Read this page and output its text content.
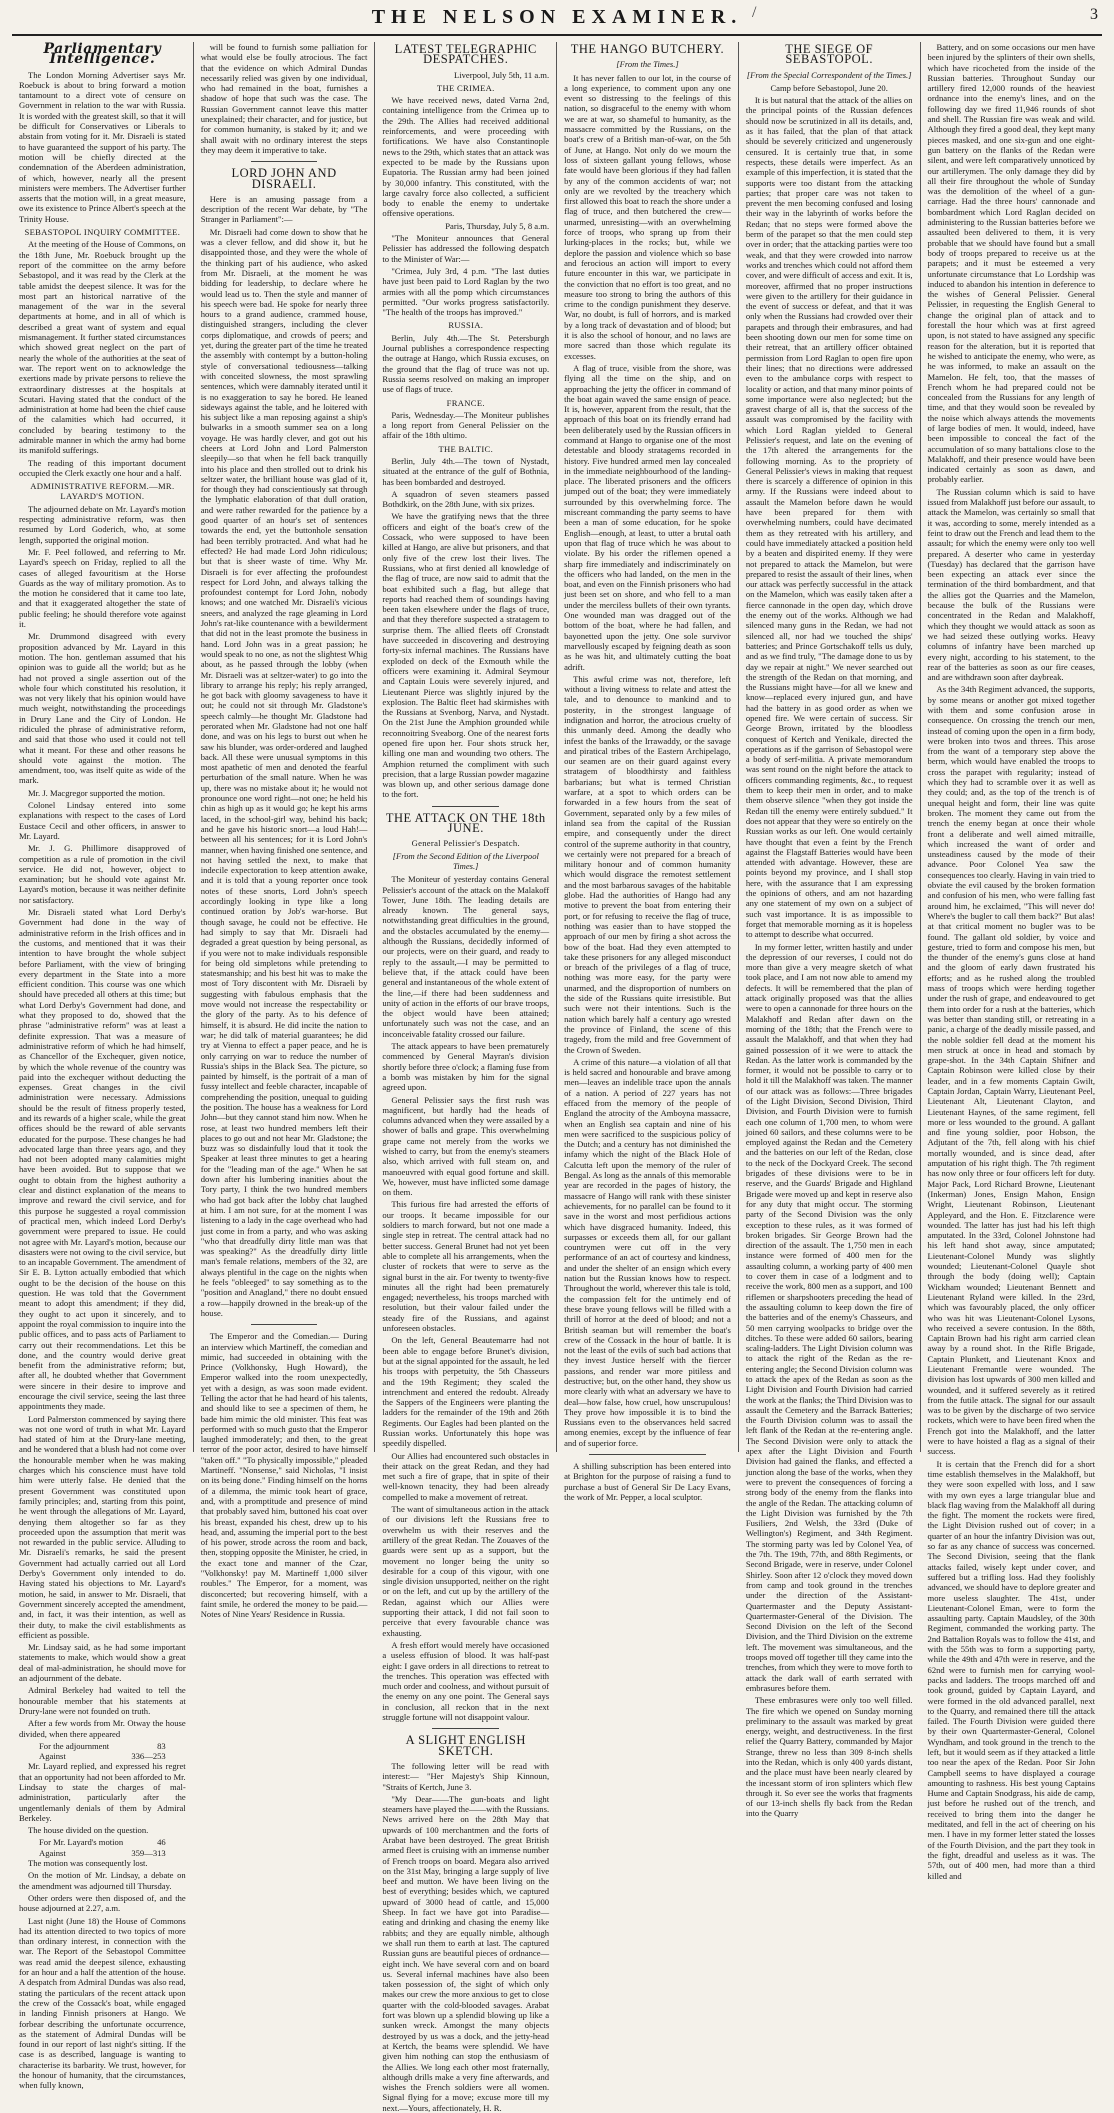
/
THE NELSON EXAMINER.	3
Parliamentary Intelligence.

The London Morning Advertiser says Mr. Roebuck is about to bring forward a motion tantamount to a direct vote of censure on Government in relation to the war with Russia. It is worded with the greatest skill, so that it will be difficult for Conservatives or Liberals to abstain from voting for it. Mr. Disraeli is stated to have guaranteed the support of his party. The motion will be chiefly directed at the condemnation of the Aberdeen administration, of which, however, nearly all the present ministers were members. The Advertiser further asserts that the motion will, in a great measure, owe its existence to Prince Albert's speech at the Trinity House.

SEBASTOPOL INQUIRY COMMITTEE.

At the meeting of the House of Commons, on the 18th June, Mr. Roebuck brought up the report of the committee on the army before Sebastopol, and it was read by the Clerk at the table amidst the deepest silence. It was for the most part an historical narrative of the management of the war in the several departments at home, and in all of which is described a great want of system and equal mismanagement. It further stated circumstances which showed great neglect on the part of nearly the whole of the authorities at the seat of war. The report went on to acknowledge the exertions made by private persons to relieve the extraordinary distresses at the hospitals at Scutari. Having stated that the conduct of the administration at home had been the chief cause of the calamities which had occurred, it concluded by bearing testimony to the admirable manner in which the army had borne its manifold sufferings.

The reading of this important document occupied the Clerk exactly one hour and a half.

ADMINISTRATIVE REFORM.—MR. LAYARD'S MOTION.

The adjourned debate on Mr. Layard's motion respecting administrative reform, was then resumed by Lord Goderich, who, at some length, supported the original motion.

Mr. F. Peel followed, and referring to Mr. Layard's speech on Friday, replied to all the cases of alleged favouritism at the Horse Guards as the way of military promotion. As to the motion he considered that it came too late, and that it exaggerated altogether the state of public feeling; he should therefore vote against it.

Mr. Drummond disagreed with every proposition advanced by Mr. Layard in this motion. The hon. gentleman assumed that his opinion was to guide all the world; but as he had not proved a single assertion out of the whole four which constituted his resolution, it was not very likely that his opinion would have much weight, notwithstanding the proceedings in Drury Lane and the City of London. He ridiculed the phrase of administrative reform, and said that those who used it could not tell what it meant. For these and other reasons he should vote against the motion. The amendment, too, was itself quite as wide of the mark.

Mr. J. Macgregor supported the motion.

Colonel Lindsay entered into some explanations with respect to the cases of Lord Eustace Cecil and other officers, in answer to Mr. Layard.

Mr. J. G. Phillimore disapproved of competition as a rule of promotion in the civil service. He did not, however, object to examination; but he should vote against Mr. Layard's motion, because it was neither definite nor satisfactory.

Mr. Disraeli stated what Lord Derby's Government had done in the way of administrative reform in the Irish offices and in the customs, and mentioned that it was their intention to have brought the whole subject before Parliament, with the view of bringing every department in the State into a more efficient condition. This course was one which should have preceded all others at this time; but what Lord Derby's Government had done, and what they proposed to do, showed that the phrase "administrative reform" was at least a definite expression. That was a measure of administrative reform of which he had himself, as Chancellor of the Exchequer, given notice, by which the whole revenue of the country was paid into the exchequer without deducting the expenses. Great changes in the civil administration were necessary. Admissions should be the result of fitness properly tested, and its rewards of a higher scale, while the great offices should be the reward of able servants educated for the purpose. These changes he had advocated large than three years ago, and they had not been adopted many calamities might have been avoided. But to suppose that we ought to obtain from the highest authority a clear and distinct explanation of the means to improve and reward the civil service, and for this purpose he suggested a royal commission of practical men, which indeed Lord Derby's government were prepared to issue. He could not agree with Mr. Layard's motion, because our disasters were not owing to the civil service, but to an incapable Government. The amendment of Sir E. B. Lytton actually embodied that which ought to be the decision of the house on this question. He was told that the Government meant to adopt this amendment; if they did, they ought to act upon it sincerely, and to appoint the royal commission to inquire into the public offices, and to pass acts of Parliament to carry out their recommendations. Let this be done, and the country would derive great benefit from the administrative reform; but, after all, he doubted whether that Government were sincere in their desire to improve and encourage the civil service, seeing the last three appointments they made.

Lord Palmerston commenced by saying there was not one word of truth in what Mr. Layard had stated of him at the Drury-lane meeting, and he wondered that a blush had not come over the honourable member when he was making charges which his conscience must have told him were utterly false. He denied that the present Government was constituted upon family principles; and, starting from this point, he went through the allegations of Mr. Layard, denying them altogether so far as they proceeded upon the assumption that merit was not rewarded in the public service. Alluding to Mr. Disraeli's remarks, he said the present Government had actually carried out all Lord Derby's Government only intended to do. Having stated his objections to Mr. Layard's motion, he said, in answer to Mr. Disraeli, that Government sincerely accepted the amendment, and, in fact, it was their intention, as well as their duty, to make the civil establishments as efficient as possible.

Mr. Lindsay said, as he had some important statements to make, which would show a great deal of mal-administration, he should move for an adjournment of the debate.

Admiral Berkeley had waited to tell the honourable member that his statements at Drury-lane were not founded on truth.

After a few words from Mr. Otway the house divided, when there appeared

For the adjournment	83
Against	336—253

Mr. Layard replied, and expressed his regret that an opportunity had not been afforded to Mr. Lindsay to state the charges of mal-administration, particularly after the ungentlemanly denials of them by Admiral Berkeley.

The house divided on the question.

For Mr. Layard's motion	46
Against	359—313

The motion was consequently lost.

On the motion of Mr. Lindsay, a debate on the amendment was adjourned till Thursday.

Other orders were then disposed of, and the house adjourned at 2.27, a.m.

Last night (June 18) the House of Commons had its attention directed to two topics of more than ordinary interest, in connection with the war. The Report of the Sebastopol Committee was read amid the deepest silence, exhausting for an hour and a half the attention of the house. A despatch from Admiral Dundas was also read, stating the particulars of the recent attack upon the crew of the Cossack's boat, while engaged in landing Finnish prisoners at Hango. We forbear describing the unfortunate occurrence, as the statement of Admiral Dundas will be found in our report of last night's sitting. If the case is as described, language is wanting to characterise its barbarity. We trust, however, for the honour of humanity, that the circumstances, when fully known,

will be found to furnish some palliation for what would else be foully atrocious. The fact that the evidence on which Admiral Dundas necessarily relied was given by one individual, who had remained in the boat, furnishes a shadow of hope that such was the case. The Russian Government cannot leave this matter unexplained; their character, and for justice, but for common humanity, is staked by it; and we shall await with no ordinary interest the steps they may deem it imperative to take.

LORD JOHN AND DISRAELI.

Here is an amusing passage from a description of the recent War debate, by "The Stranger in Parliament":—

Mr. Disraeli had come down to show that he was a clever fellow, and did show it, but he disappointed those, and they were the whole of the thinking part of his audience, who asked from Mr. Disraeli, at the moment he was bidding for leadership, to declare where he would lead us to. Then the style and manner of his speech were bad. He spoke for nearly three hours to a grand audience, crammed house, distinguished strangers, including the clever corps diplomatique, and crowds of peers; and yet, during the greater part of the time he treated the assembly with contempt by a button-holing style of conversational tediousness—talking with conceited slowness, the most sprawling sentences, which were damnably iterated until it is no exaggeration to say he bored. He leaned sideways against the table, and he loitered with his subject like a man reposing against a ship's bulwarks in a smooth summer sea on a long voyage. He was hardly clever, and got out his cheers at Lord John and Lord Palmerston sleepily—so that when he fell back tranquilly into his place and then strolled out to drink his seltzer water, the brilliant house was glad of it, for though they had conscientiously sat through the lymphatic elaboration of that dull oration, and were rather rewarded for the patience by a good quarter of an hour's set of sentences towards the end, yet the buttonhole sensation had been terribly protracted. And what had he effected? He had made Lord John ridiculous; but that is sheer waste of time. Why Mr. Disraeli is for ever affecting the profoundest respect for Lord John, and always talking the profoundest contempt for Lord John, nobody knows; and one watched Mr. Disraeli's vicious sneers, and analyzed the rage gleaming in Lord John's rat-like countenance with a bewilderment that did not in the least promote the business in hand. Lord John was in a great passion; he would speak to no one, as not the slightest Whig about, as he passed through the lobby (when Mr. Disraeli was at seltzer-water) to go into the library to arrange his reply; his reply arranged, he got back with gloomy savageness to have it out; he could not sit through Mr. Gladstone's speech calmly—he thought Mr. Gladstone had perorated when Mr. Gladstone had not one half done, and was on his legs to burst out when he saw his blunder, was order-ordered and laughed back. All these were unusual symptoms in this most apathetic of men and denoted the fearful perturbation of the small nature. When he was up, there was no mistake about it; he would not pronounce one word right—not one; he held his chin as high up as it would go; he kept his arms laced, in the school-girl way, behind his back; and he gave his historic snort—a loud Hah!—between all his sentences; for it is Lord John's manner, when having finished one sentence, and not having settled the next, to make that indecile expectoration to keep attention awake, and it is told that a young reporter once took notes of these snorts, Lord John's speech accordingly looking in type like a long continued oration by Job's war-horse. But though savage, he could not be effective. He had simply to say that Mr. Disraeli had degraded a great question by being personal, as if you were not to make individuals responsible for being old simpletons while pretending to statesmanship; and his best hit was to make the most of Tory discontent with Mr. Disraeli by suggesting with fabulous emphasis that the move would not increase the respectability or the glory of the party. As to his defence of himself, it is absurd. He did incite the nation to war; he did talk of material guarantees; he did try at Vienna to effect a paper peace, and he is only carrying on war to reduce the number of Russia's ships in the Black Sea. The picture, so painted by himself, is the portrait of a man of fussy intellect and feeble character, incapable of comprehending the position, unequal to guiding the position. The house has a weakness for Lord John—but they cannot stand him now. When he rose, at least two hundred members left their places to go out and not hear Mr. Gladstone; the buzz was so disdainfully loud that it took the Speaker at least three minutes to get a hearing for the "leading man of the age." When he sat down after his lumbering inanities about the Tory party, I think the two hundred members who had got back after the lobby chat laughed at him. I am not sure, for at the moment I was listening to a lady in the cage overhead who had just come in from a party, and who was asking "who that dreadfully dirty little man was that was speaking?" As the dreadfully dirty little man's female relations, members of the 32, are always plentiful in the cage on the nights when he feels "obleeged" to say something as to the "position and Anagland," there no doubt ensued a row—happily drowned in the break-up of the house.

The Emperor and the Comedian.— During an interview which Martineff, the comedian and mimic, had succeeded in obtaining with the Prince (Volkhonsky, Hugh Howard), the Emperor walked into the room unexpectedly, yet with a design, as was soon made evident. Telling the actor that he had heard of his talents, and should like to see a specimen of them, he bade him mimic the old minister. This feat was performed with so much gusto that the Emperor laughed immoderately; and then, to the great terror of the poor actor, desired to have himself "taken off." "To physically impossible," pleaded Martineff. "Nonsense," said Nicholas, "I insist on its being done." Finding himself on the horns of a dilemma, the mimic took heart of grace, and, with a promptitude and presence of mind that probably saved him, buttoned his coat over his breast, expanded his chest, drew up to his head, and, assuming the imperial port to the best of his power, strode across the room and back, then, stopping opposite the Minister, he cried, in the exact tone and manner of the Czar, "Volkhonsky! pay M. Martineff 1,000 silver roubles." The Emperor, for a moment, was disconcerted; but recovering himself, with a faint smile, he ordered the money to be paid.—Notes of Nine Years' Residence in Russia.

LATEST TELEGRAPHIC DESPATCHES.
Liverpool, July 5th, 11 a.m.
THE CRIMEA.

We have received news, dated Varna 2nd, containing intelligence from the Crimea up to the 29th. The Allies had received additional reinforcements, and were proceeding with fortifications. We have also Constantinople news to the 29th, which states that an attack was expected to be made by the Russians upon Eupatoria. The Russian army had been joined by 30,000 infantry. This constituted, with the large cavalry force also collected, a sufficient body to enable the enemy to undertake offensive operations.

Paris, Thursday, July 5, 8 a.m.

"The Moniteur announces that General Pelissier has addressed the following despatch to the Minister of War:—

"Crimea, July 3rd, 4 p.m. "The last duties have just been paid to Lord Raglan by the two armies with all the pomp which circumstances permitted. "Our works progress satisfactorily. "The health of the troops has improved."

RUSSIA.

Berlin, July 4th.—The St. Petersburgh Journal publishes a correspondence respecting the outrage at Hango, which Russia excuses, on the ground that the flag of truce was not up. Russia seems resolved on making an improper use of flags of truce.

FRANCE.

Paris, Wednesday.—The Moniteur publishes a long report from General Pelissier on the affair of the 18th ultimo.

THE BALTIC.

Berlin, July 4th.—The town of Nystadt, situated at the entrance of the gulf of Bothnia, has been bombarded and destroyed.

A squadron of seven steamers passed Bothdkirk, on the 28th June, with six prizes.

We have the gratifying news that the three officers and eight of the boat's crew of the Cossack, who were supposed to have been killed at Hango, are alive but prisoners, and that only five of the crew lost their lives. The Russians, who at first denied all knowledge of the flag of truce, are now said to admit that the boat exhibited such a flag, but allege that reports had reached them of soundings having been taken elsewhere under the flags of truce, and that they therefore suspected a stratagem to surprise them. The allied fleets off Cronstadt have succeeded in discovering and destroying forty-six infernal machines. The Russians have exploded on deck of the Exmouth while the officers were examining it. Admiral Seymour and Captain Louis were severely injured, and Lieutenant Pierce was slightly injured by the explosion. The Baltic fleet had skirmishes with the Russians at Svenborg, Narva, and Nystadt. On the 21st June the Amphion grounded while reconnoitring Sveaborg. One of the nearest forts opened fire upon her. Four shots struck her, killing one man and wounding two others. The Amphion returned the compliment with such precision, that a large Russian powder magazine was blown up, and other serious damage done to the fort.

THE ATTACK ON THE 18th JUNE.
General Pelissier's Despatch.
[From the Second Edition of the Liverpool Times.]

The Moniteur of yesterday contains General Pelissier's account of the attack on the Malakoff Tower, June 18th. The leading details are already known. The general says, notwithstanding great difficulties in the ground, and the obstacles accumulated by the enemy—although the Russians, decidedly informed of our projects, were on their guard, and ready to reply to the assault,—I may be permitted to believe that, if the attack could have been general and instantaneous of the whole extent of the line,—if there had been suddenness and unity of action in the efforts of our brave troops, the object would have been attained; unfortunately such was not the case, and an inconceivable fatality crossed our failure.

The attack appears to have been prematurely commenced by General Mayran's division shortly before three o'clock; a flaming fuse from a bomb was mistaken by him for the signal agreed upon.

General Pelissier says the first rush was magnificent, but hardly had the heads of columns advanced when they were assailed by a shower of balls and grape. This overwhelming grape came not merely from the works we wished to carry, but from the enemy's steamers also, which arrived with full steam on, and manoeuvred with equal good fortune and skill. We, however, must have inflicted some damage on them.

This furious fire had arrested the efforts of our troops. It became impossible for our soldiers to march forward, but not one made a single step in retreat. The central attack had no better success. General Brunet had not yet been able to complete all his arrangements, when the cluster of rockets that were to serve as the signal burst in the air. For twenty to twenty-five minutes all the right had been prematurely engaged; nevertheless, his troops marched with resolution, but their valour failed under the steady fire of the Russians, and against unforeseen obstacles.

On the left, General Beautemarre had not been able to engage before Brunet's division, but at the signal appointed for the assault, he led his troops with perpetuity, the 5th Chasseurs and the 19th Regiment; they scaled the intrenchment and entered the redoubt. Already the Sappers of the Engineers were planting the ladders for the remainder of the 19th and 26th Regiments. Our Eagles had been planted on the Russian works. Unfortunately this hope was speedily dispelled.

Our Allies had encountered such obstacles in their attack on the great Redan, and they had met such a fire of grape, that in spite of their well-known tenacity, they had been already compelled to make a movement of retreat.

The want of simultaneous action in the attack of our divisions left the Russians free to overwhelm us with their reserves and the artillery of the great Redan. The Zouaves of the guards were sent up as a support, but the movement no longer being the unity so desirable for a coup of this vigour, with one single division unsupported, neither on the right or on the left, and cut up by the artillery of the Redan, against which our Allies were supporting their attack, I did not fail soon to perceive that every favourable chance was exhausting.

A fresh effort would merely have occasioned a useless effusion of blood. It was half-past eight: I gave orders in all directions to retreat to the trenches. This operation was effected with much order and coolness, and without pursuit of the enemy on any one point. The General says in conclusion, all reckon that in the next struggle fortune will not disappoint valour.

A SLIGHT ENGLISH SKETCH.

The following letter will be read with interest:— "Her Majesty's Ship Kinnoun, "Straits of Kertch, June 3.

"My Dear——The gun-boats and light steamers have played the——with the Russians. News arrived here on the 28th May that upwards of 100 merchantmen and the forts of Arabat have been destroyed. The great British armed fleet is cruising with an immense number of French troops on board. Megara also arrived on the 31st May, bringing a large supply of live beef and mutton. We have been living on the best of everything; besides which, we captured upward of 3000 head of cattle, and 15,000 Sheep. In fact we have got into Paradise—eating and drinking and chasing the enemy like rabbits; and they are equally nimble, although we shall run them to earth at last. The captured Russian guns are beautiful pieces of ordnance—eight inch. We have several corn and on board us. Several infernal machines have also been taken possession of, the sight of which only makes our crew the more anxious to get to close quarter with the cold-blooded savages. Arabat fort was blown up a splendid blowing up like a sunken wreck. Amongst the many objects destroyed by us was a dock, and the jetty-head at Kertch, the beams were splendid. We have given him nothing can stop the enthusiasm of the Allies. We long each other most fraternally, although drills make a very fine afterwards, and wishes the French soldiers were all women. Signal flying for a move; excuse more till my next.—Yours, affectionately, H. R.

THE HANGO BUTCHERY.
[From the Times.]

It has never fallen to our lot, in the course of a long experience, to comment upon any one event so distressing to the feelings of this nation, so disgraceful to the enemy with whom we are at war, so shameful to humanity, as the massacre committed by the Russians, on the boat's crew of a British man-of-war, on the 5th of June, at Hango. Not only do we mourn the loss of sixteen gallant young fellows, whose fate would have been glorious if they had fallen by any of the common accidents of war; not only are we revolted by the treachery which first allowed this boat to reach the shore under a flag of truce, and then butchered the crew—unarmed, unresisting—with an overwhelming force of troops, who sprang up from their lurking-places in the rocks; but, while we deplore the passion and violence which so base and ferocious an action will import to every future encounter in this war, we participate in the conviction that no effort is too great, and no measure too strong to bring the authors of this crime to the condign punishment they deserve. War, no doubt, is full of horrors, and is marked by a long track of devastation and of blood; but it is also the school of honour, and no laws are more sacred than those which regulate its excesses.

A flag of truce, visible from the shore, was flying all the time on the ship, and on approaching the jetty the officer in command of the boat again waved the same ensign of peace. It is, however, apparent from the result, that the approach of this boat on its friendly errand had been deliberately used by the Russian officers in command at Hango to organise one of the most detestable and bloody stratagems recorded in history. Five hundred armed men lay concealed in the immediate neighbourhood of the landing-place. The liberated prisoners and the officers jumped out of the boat; they were immediately surrounded by this overwhelming force. The miscreant commanding the party seems to have been a man of some education, for he spoke English—enough, at least, to utter a brutal oath upon that flag of truce which he was about to violate. By his order the riflemen opened a sharp fire immediately and indiscriminately on the officers who had landed, on the men in the boat, and even on the Finnish prisoners who had just been set on shore, and who fell to a man under the merciless bullets of their own tyrants. One wounded man was dragged out of the bottom of the boat, where he had fallen, and bayonetted upon the jetty. One sole survivor marvellously escaped by feigning death as soon as he was hit, and ultimately cutting the boat adrift.

This awful crime was not, therefore, left without a living witness to relate and attest the tale, and to denounce to mankind and to posterity, in the strongest language of indignation and horror, the atrocious cruelty of this unmanly deed. Among the deadly who infest the banks of the Irrawaddy, or the savage and piratical tribes of the Eastern Archipelago, our seamen are on their guard against every stratagem of bloodthirsty and faithless barbarians; but what is termed Christian warfare, at a spot to which orders can be forwarded in a few hours from the seat of Government, separated only by a few miles of inland sea from the capital of the Russian empire, and consequently under the direct control of the supreme authority in that country, we certainly were not prepared for a breach of military honour and of common humanity which would disgrace the remotest settlement and the most barbarous savages of the habitable globe. Had the authorities of Hango had any motive to prevent the boat from entering their port, or for refusing to receive the flag of truce, nothing was easier than to have stopped the approach of our men by firing a shot across the bow of the boat. Had they even attempted to take these prisoners for any alleged misconduct or breach of the privileges of a flag of truce, nothing was more easy, for the party were unarmed, and the disproportion of numbers on the side of the Russians quite irresistible. But such were not their intentions. Such is the nation which barely half a century ago wrested the province of Finland, the scene of this tragedy, from the mild and free Government of the Crown of Sweden.

A crime of this nature—a violation of all that is held sacred and honourable and brave among men—leaves an indelible trace upon the annals of a nation. A period of 227 years has not effaced from the memory of the people of England the atrocity of the Amboyna massacre, when an English sea captain and nine of his men were sacrificed to the suspicious policy of the Dutch; and a century has not diminished the infamy which the night of the Black Hole of Calcutta left upon the memory of the ruler of Bengal. As long as the annals of this memorable year are recorded in the pages of history, the massacre of Hango will rank with these sinister achievements, for no parallel can be found to it save in the worst and most perfidious actions which have disgraced humanity. Indeed, this surpasses or exceeds them all, for our gallant countrymen were cut off in the very performance of an act of courtesy and kindness, and under the shelter of an ensign which every nation but the Russian knows how to respect. Throughout the world, wherever this tale is told, the compassion felt for the untimely end of these brave young fellows will be filled with a thrill of horror at the deed of blood; and not a British seaman but will remember the boat's crew of the Cossack in the hour of battle. It is not the least of the evils of such bad actions that they invest Justice herself with the fiercer passions, and render war more pitiless and destructive; but, on the other hand, they show us more clearly with what an adversary we have to deal—how false, how cruel, how unscrupulous! They prove how impossible it is to bind the Russians even to the observances held sacred among enemies, except by the influence of fear and of superior force.

A shilling subscription has been entered into at Brighton for the purpose of raising a fund to purchase a bust of General Sir De Lacy Evans, the work of Mr. Pepper, a local sculptor.

THE SIEGE OF SEBASTOPOL.
[From the Special Correspondent of the Times.]
Camp before Sebastopol, June 20.

It is but natural that the attack of the allies on the principal points of the Russian defences should now be scrutinized in all its details, and, as it has failed, that the plan of that attack should be severely criticized and ungenerously censured. It is certainly true that, in some respects, these details were imperfect. As an example of this imperfection, it is stated that the supports were too distant from the attacking parties; that proper care was not taken to prevent the men becoming confused and losing their way in the labyrinth of works before the Redan; that no steps were formed above the berm of the parapet so that the men could step over in order; that the attacking parties were too weak, and that they were crowded into narrow works and trenches which could not afford them cover, and were difficult of access and exit. It is, moreover, affirmed that no proper instructions were given to the artillery for their guidance in the event of success or defeat, and that it was only when the Russians had crowded over their parapets and through their embrasures, and had been shooting down our men for some time on their retreat, that an artillery officer obtained permission from Lord Raglan to open fire upon their lines; that no directions were addressed even to the ambulance corps with respect to locality or action, and that many minor points of some importance were also neglected; but the gravest charge of all is, that the success of the assault was compromised by the facility with which Lord Raglan yielded to General Pelissier's request, and late on the evening of the 17th altered the arrangements for the following morning. As to the propriety of General Pelissier's views in making that request there is scarcely a difference of opinion in this army. If the Russians were indeed about to assault the Mamelon before dawn he would have been prepared for them with overwhelming numbers, could have decimated them as they retreated with his artillery, and could have immediately attacked a position held by a beaten and dispirited enemy. If they were not prepared to attack the Mamelon, but were prepared to resist the assault of their lines, when our attack was perfectly successful in the attack on the Mamelon, which was easily taken after a fierce cannonade in the open day, which drove the enemy out of the works. Although we had silenced many guns in the Redan, we had not silenced all, nor had we touched the ships' batteries; and Prince Gortschakoff tells us duly, and as we find truly, "The damage done to us by day we repair at night." We never searched out the strength of the Redan on that morning, and the Russians might have—for all we knew and know—replaced every injured gun, and have had the battery in as good order as when we opened fire. We were certain of success. Sir George Brown, irritated by the bloodless conquest of Kertch and Yenikale, directed the operations as if the garrison of Sebastopol were a body of serf-militia. A private memorandum was sent round on the night before the attack to officers commanding regiments, &c., to request them to keep their men in order, and to make them observe silence "when they got inside the Redan till the enemy were entirely subdued." It does not appear that they were so entirely on the Russian works as our left. One would certainly have thought that even a feint by the French against the Flagstaff Batteries would have been attended with advantage. However, these are points beyond my province, and I shall stop here, with the assurance that I am expressing the opinions of others, and am not hazarding any one statement of my own on a subject of such vast importance. It is as impossible to forget that memorable morning as it is hopeless to attempt to describe what occurred.

In my former letter, written hastily and under the depression of our reverses, I could not do more than give a very meagre sketch of what took place, and I am not now able to amend my defects. It will be remembered that the plan of attack originally proposed was that the allies were to open a cannonade for three hours on the Malakhoff and Redan after dawn on the morning of the 18th; that the French were to assault the Malakhoff, and that when they had gained possession of it we were to attack the Redan. As the latter work is commanded by the former, it would not be possible to carry or to hold it till the Malakhoff was taken. The manner of our attack was as follows:—Three brigades of the Light Division, Second Division, Third Division, and Fourth Division were to furnish each one column of 1,700 men, to whom were joined 60 sailors, and these columns were to be employed against the Redan and the Cemetery and the batteries on our left of the Redan, close to the neck of the Dockyard Creek. The second brigades of these divisions were to be in reserve, and the Guards' Brigade and Highland Brigade were moved up and kept in reserve also for any duty that might occur. The storming party of the Second Division was the only exception to these rules, as it was formed of broken brigades. Sir George Brown had the direction of the assault. The 1,750 men in each instance were formed of 400 men for the assaulting column, a working party of 400 men to cover them in case of a lodgment and to receive the work, 800 men as a support, and 100 riflemen or sharpshooters preceding the head of the assaulting column to keep down the fire of the batteries and of the enemy's Chasseurs, and 50 men carrying woolpacks to bridge over the ditches. To these were added 60 sailors, bearing scaling-ladders. The Light Division column was to attack the right of the Redan as the re-entering angle; the Second Division column was to attack the apex of the Redan as soon as the Light Division and Fourth Division had carried the work at the flanks; the Third Division was to assault the Cemetery and the Barrack Batteries; the Fourth Division column was to assail the left flank of the Redan at the re-entering angle. The Second Division were only to attack the apex after the Light Division and Fourth Division had gained the flanks, and effected a junction along the base of the works, when they were to prevent the consequences of forcing a strong body of the enemy from the flanks into the angle of the Redan. The attacking column of the Light Division was furnished by the 7th Fusiliers, 2nd Welsh, the 33rd (Duke of Wellington's) Regiment, and 34th Regiment. The storming party was led by Colonel Yea, of the 7th. The 19th, 77th, and 88th Regiments, or Second Brigade, were in reserve, under Colonel Shirley. Soon after 12 o'clock they moved down from camp and took ground in the trenches under the direction of the Assistant-Quartermaster and the Deputy Assistant-Quartermaster-General of the Division. The Second Division on the left of the Second Division, and the Third Division on the extreme left. The movement was simultaneous, and the troops moved off together till they came into the trenches, from which they were to move forth to attack the dark wall of earth serrated with embrasures before them.

These embrasures were only too well filled. The fire which we opened on Sunday morning preliminary to the assault was marked by great energy, weight, and destructiveness. In the first relief the Quarry Battery, commanded by Major Strange, threw no less than 309 8-inch shells into the Redan, which is only 400 yards distant, and the place must have been nearly cleared by the incessant storm of iron splinters which flew through it. So ever see the works that fragments of our 13-inch shells fly back from the Redan into the Quarry

Battery, and on some occasions our men have been injured by the splinters of their own shells, which have ricocheted from the inside of the Russian batteries. Throughout Sunday our artillery fired 12,000 rounds of the heaviest ordnance into the enemy's lines, and on the following day we fired 11,946 rounds of shot and shell. The Russian fire was weak and wild. Although they fired a good deal, they kept many pieces masked, and one six-gun and one eight-gun battery on the flanks of the Redan were silent, and were left comparatively unnoticed by our artillerymen. The only damage they did by all their fire throughout the whole of Sunday was the demolition of the wheel of a gun-carriage. Had the three hours' cannonade and bombardment which Lord Raglan decided on administering to the Russian batteries before we assaulted been delivered to them, it is very probable that we should have found but a small body of troops prepared to receive us at the parapets; and it must be esteemed a very unfortunate circumstance that Lo Lordship was induced to abandon his intention in deference to the wishes of General Pelissier. General Pelissier, in requesting the English General to change the original plan of attack and to forestall the hour which was at first agreed upon, is not stated to have assigned any specific reason for the alteration, but it is reported that he wished to anticipate the enemy, who were, as he was informed, to make an assault on the Mamelon. He felt, too, that the masses of French whom he had prepared could not be concealed from the Russians for any length of time, and that they would soon be revealed by the noise which always attends the movements of large bodies of men. It would, indeed, have been impossible to conceal the fact of the accumulation of so many battalions close to the Malakhoff, and their presence would have been indicated certainly as soon as dawn, and probably earlier.

The Russian column which is said to have issued from Malakhoff just before our assault, to attack the Mamelon, was certainly so small that it was, according to some, merely intended as a feint to draw out the French and lead them to the assault; for which the enemy were only too well prepared. A deserter who came in yesterday (Tuesday) has declared that the garrison have been expecting an attack ever since the termination of the third bombardment, and that the allies got the Quarries and the Mamelon, because the bulk of the Russians were concentrated in the Redan and Malakhoff, which they thought we would attack as soon as we had seized these outlying works. Heavy columns of infantry have been marched up every night, according to his statement, to the rear of the batteries as soon as our fire ceases, and are withdrawn soon after daybreak.

As the 34th Regiment advanced, the supports, by some means or another got mixed together with them and some confusion arose in consequence. On crossing the trench our men, instead of coming upon the open in a firm body, were broken into twos and threes. This arose from the want of a temporary step above the berm, which would have enabled the troops to cross the parapet with regularity; instead of which they had to scramble over it as well as they could; and, as the top of the trench is of unequal height and form, their line was quite broken. The moment they came out from the trench the enemy began at once their whole front a deliberate and well aimed mitraille, which increased the want of order and unsteadiness caused by the mode of their advance. Poor Colonel Yea saw the consequences too clearly. Having in vain tried to obviate the evil caused by the broken formation and confusion of his men, who were falling fast around him, he exclaimed, "This will never do! Where's the bugler to call them back?" But alas! at that critical moment no bugler was to be found. The gallant old soldier, by voice and gesture, tried to form and compose his men, but the thunder of the enemy's guns close at hand and the gloom of early dawn frustrated his efforts; and as he rushed along the troubled mass of troops which were herding together under the rush of grape, and endeavoured to get them into order for a rush at the batteries, which was better than standing still, or retreating in a panic, a charge of the deadly missile passed, and the noble soldier fell dead at the moment his men struck at once in head and stomach by grape-shot. In the 34th Captain Shifner and Captain Robinson were killed close by their leader, and in a few moments Captain Gwilt, Captain Jordan, Captain Warry, Lieutenant Peel, Lieutenant Alt, Lieutenant Clayton, and Lieutenant Haynes, of the same regiment, fell more or less wounded to the ground. A gallant and fine young soldier, poor Hobson, the Adjutant of the 7th, fell along with his chief mortally wounded, and is since dead, after amputation of his right thigh. The 7th regiment has now only three or four officers left for duty. Major Pack, Lord Richard Browne, Lieutenant (Inkerman) Jones, Ensign Mahon, Ensign Wright, Lieutenant Robinson, Lieutenant Appleyard, and the Hon. E. Fitzclarence were wounded. The latter has just had his left thigh amputated. In the 33rd, Colonel Johnstone had his left hand shot away, since amputated; Lieutenant-Colonel Mundy was slightly wounded; Lieutenant-Colonel Quayle shot through the body (doing well); Captain Wickham wounded; Lieutenant Bennett and Lieutenant Ryland were killed. In the 23rd, which was favourably placed, the only officer who was hit was Lieutenant-Colonel Lysons, who received a severe contusion. In the 88th, Captain Brown had his right arm carried clean away by a round shot. In the Rifle Brigade, Captain Plunkett, and Lieutenant Knox and Lieutenant Fremantle were wounded. The division has lost upwards of 300 men killed and wounded, and it suffered severely as it retired from the futile attack. The signal for our assault was to be given by the discharge of two service rockets, which were to have been fired when the French got into the Malakhoff, and the latter were to have hoisted a flag as a signal of their success.

It is certain that the French did for a short time establish themselves in the Malakhoff, but they were soon expelled with loss, and I saw with my own eyes a large triangular blue and black flag waving from the Malakhoff all during the fight. The moment the rockets were fired, the Light Division rushed out of cover; in a quarter of an hour the infantry Division was out, so far as any chance of success was concerned. The Second Division, seeing that the flank attacks failed, wisely kept under cover, and suffered but a trifling loss. Had they foolishly advanced, we should have to deplore greater and more useless slaughter. The 41st, under Lieutenant-Colonel Eman, were to form the assaulting party. Captain Maudsley, of the 30th Regiment, commanded the working party. The 2nd Battalion Royals was to follow the 41st, and with the 55th was to form a supporting party, while the 49th and 47th were in reserve, and the 62nd were to furnish men for carrying wool-packs and ladders. The troops marched off and took ground, guided by Captain Layard, and were formed in the old advanced parallel, next to the Quarry, and remained there till the attack failed. The Fourth Division were guided there by their own Quartermaster-General, Colonel Wyndham, and took ground in the trench to the left, but it would seem as if they attacked a little too near the apex of the Redan. Poor Sir John Campbell seems to have displayed a courage amounting to rashness. His best young Captains Hume and Captain Snodgrass, his aide de camp, just before he rushed out of the trench, and received to bring them into the danger he meditated, and fell in the act of cheering on his men. I have in my former letter stated the losses of the Fourth Division, and the part they took in the fight, dreadful and useless as it was. The 57th, out of 400 men, had more than a third killed and
